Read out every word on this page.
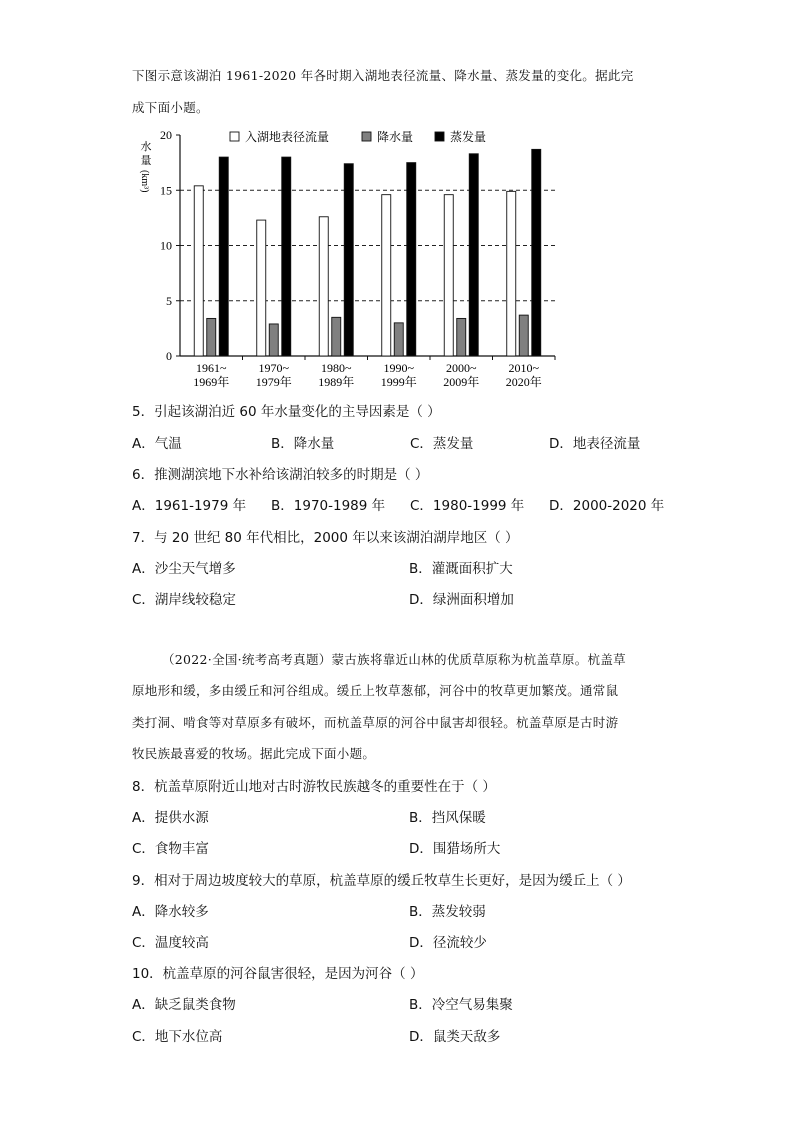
下图示意该湖泊 1961-2020 年各时期入湖地表径流量、降水量、蒸发量的变化。据此完
成下面小题。
0
5
10
15
20
水
量
(km³)
1961~
1969年
1970~
1979年
1980~
1989年
1990~
1999年
2000~
2009年
2010~
2020年
入湖地表径流量	降水量	蒸发量
5．引起该湖泊近 60 年水量变化的主导因素是（ ）
A．气温	B．降水量	C．蒸发量	D．地表径流量
6．推测湖滨地下水补给该湖泊较多的时期是（ ）
A．1961-1979 年 B．1970-1989 年 C．1980-1999 年 D．2000-2020 年
7．与 20 世纪 80 年代相比，2000 年以来该湖泊湖岸地区（ ）
A．沙尘天气增多	B．灌溉面积扩大
C．湖岸线较稳定	D．绿洲面积增加
（2022·全国·统考高考真题）蒙古族将靠近山林的优质草原称为杭盖草原。杭盖草
原地形和缓，多由缓丘和河谷组成。缓丘上牧草葱郁，河谷中的牧草更加繁茂。通常鼠
类打洞、啃食等对草原多有破坏，而杭盖草原的河谷中鼠害却很轻。杭盖草原是古时游
牧民族最喜爱的牧场。据此完成下面小题。
8．杭盖草原附近山地对古时游牧民族越冬的重要性在于（ ）
A．提供水源	B．挡风保暖
C．食物丰富	D．围猎场所大
9．相对于周边坡度较大的草原，杭盖草原的缓丘牧草生长更好，是因为缓丘上（ ）
A．降水较多	B．蒸发较弱
C．温度较高	D．径流较少
10．杭盖草原的河谷鼠害很轻，是因为河谷（ ）
A．缺乏鼠类食物	B．冷空气易集聚
C．地下水位高	D．鼠类天敌多
